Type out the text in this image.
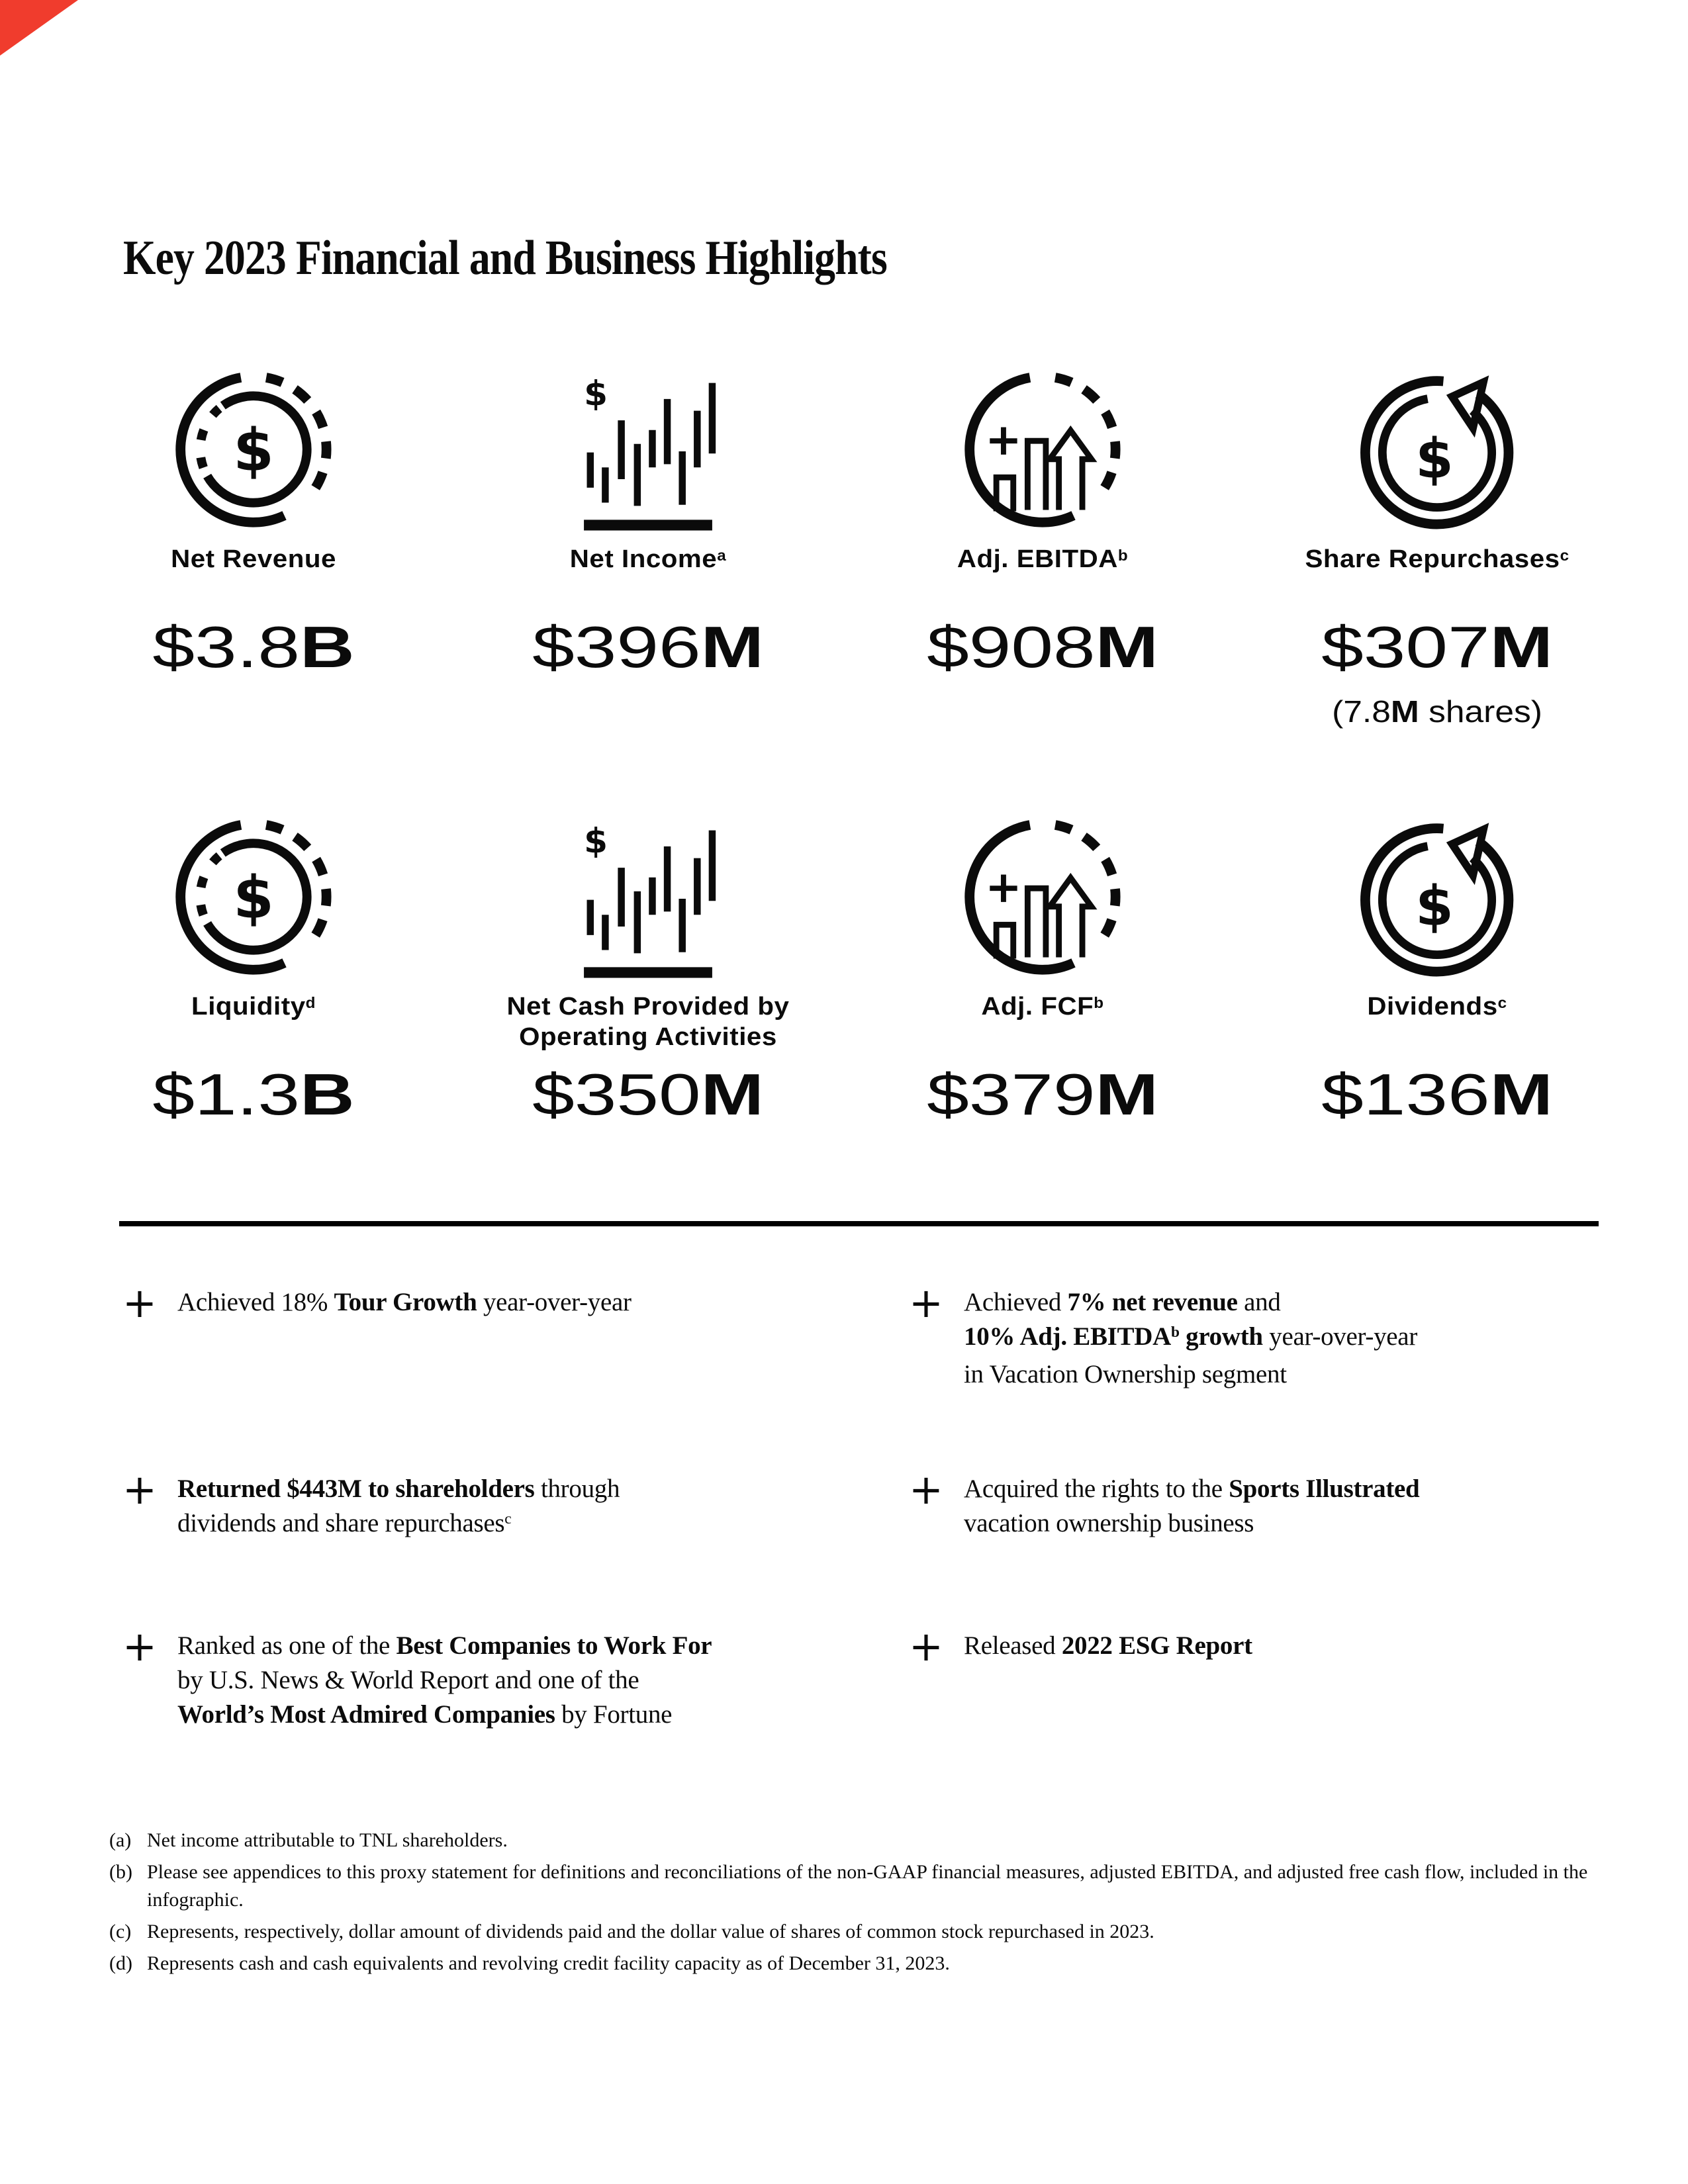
Key 2023 Financial and Business Highlights
$
Net Revenue
$3.8B
$
Net Income$^a$
$396M
Adj. EBITDA$^b$
$908M
$
Share Repurchases$^c$
$307M
(7.8M shares)
$
Liquidity$^d$
$1.3B
$
Net Cash Provided by
Operating Activities
$350M
Adj. FCF$^b$
$379M
$
Dividends$^c$
$136M
+ Achieved 18% Tour Growth year-over-year
+ Returned $443M to shareholders through
dividends and share repurchases$^c$
+ Ranked as one of the Best Companies to Work For
by U.S. News & World Report and one of the
World’s Most Admired Companies by Fortune
+ Achieved 7% net revenue and
10% Adj. EBITDA$^b$ growth year-over-year
in Vacation Ownership segment
+ Acquired the rights to the Sports Illustrated
vacation ownership business
+ Released 2022 ESG Report
(a) Net income attributable to TNL shareholders.
(b) Please see appendices to this proxy statement for definitions and reconciliations of the non-GAAP financial measures, adjusted EBITDA, and adjusted free cash flow, included in the infographic.
(c) Represents, respectively, dollar amount of dividends paid and the dollar value of shares of common stock repurchased in 2023.
(d) Represents cash and cash equivalents and revolving credit facility capacity as of December 31, 2023.
